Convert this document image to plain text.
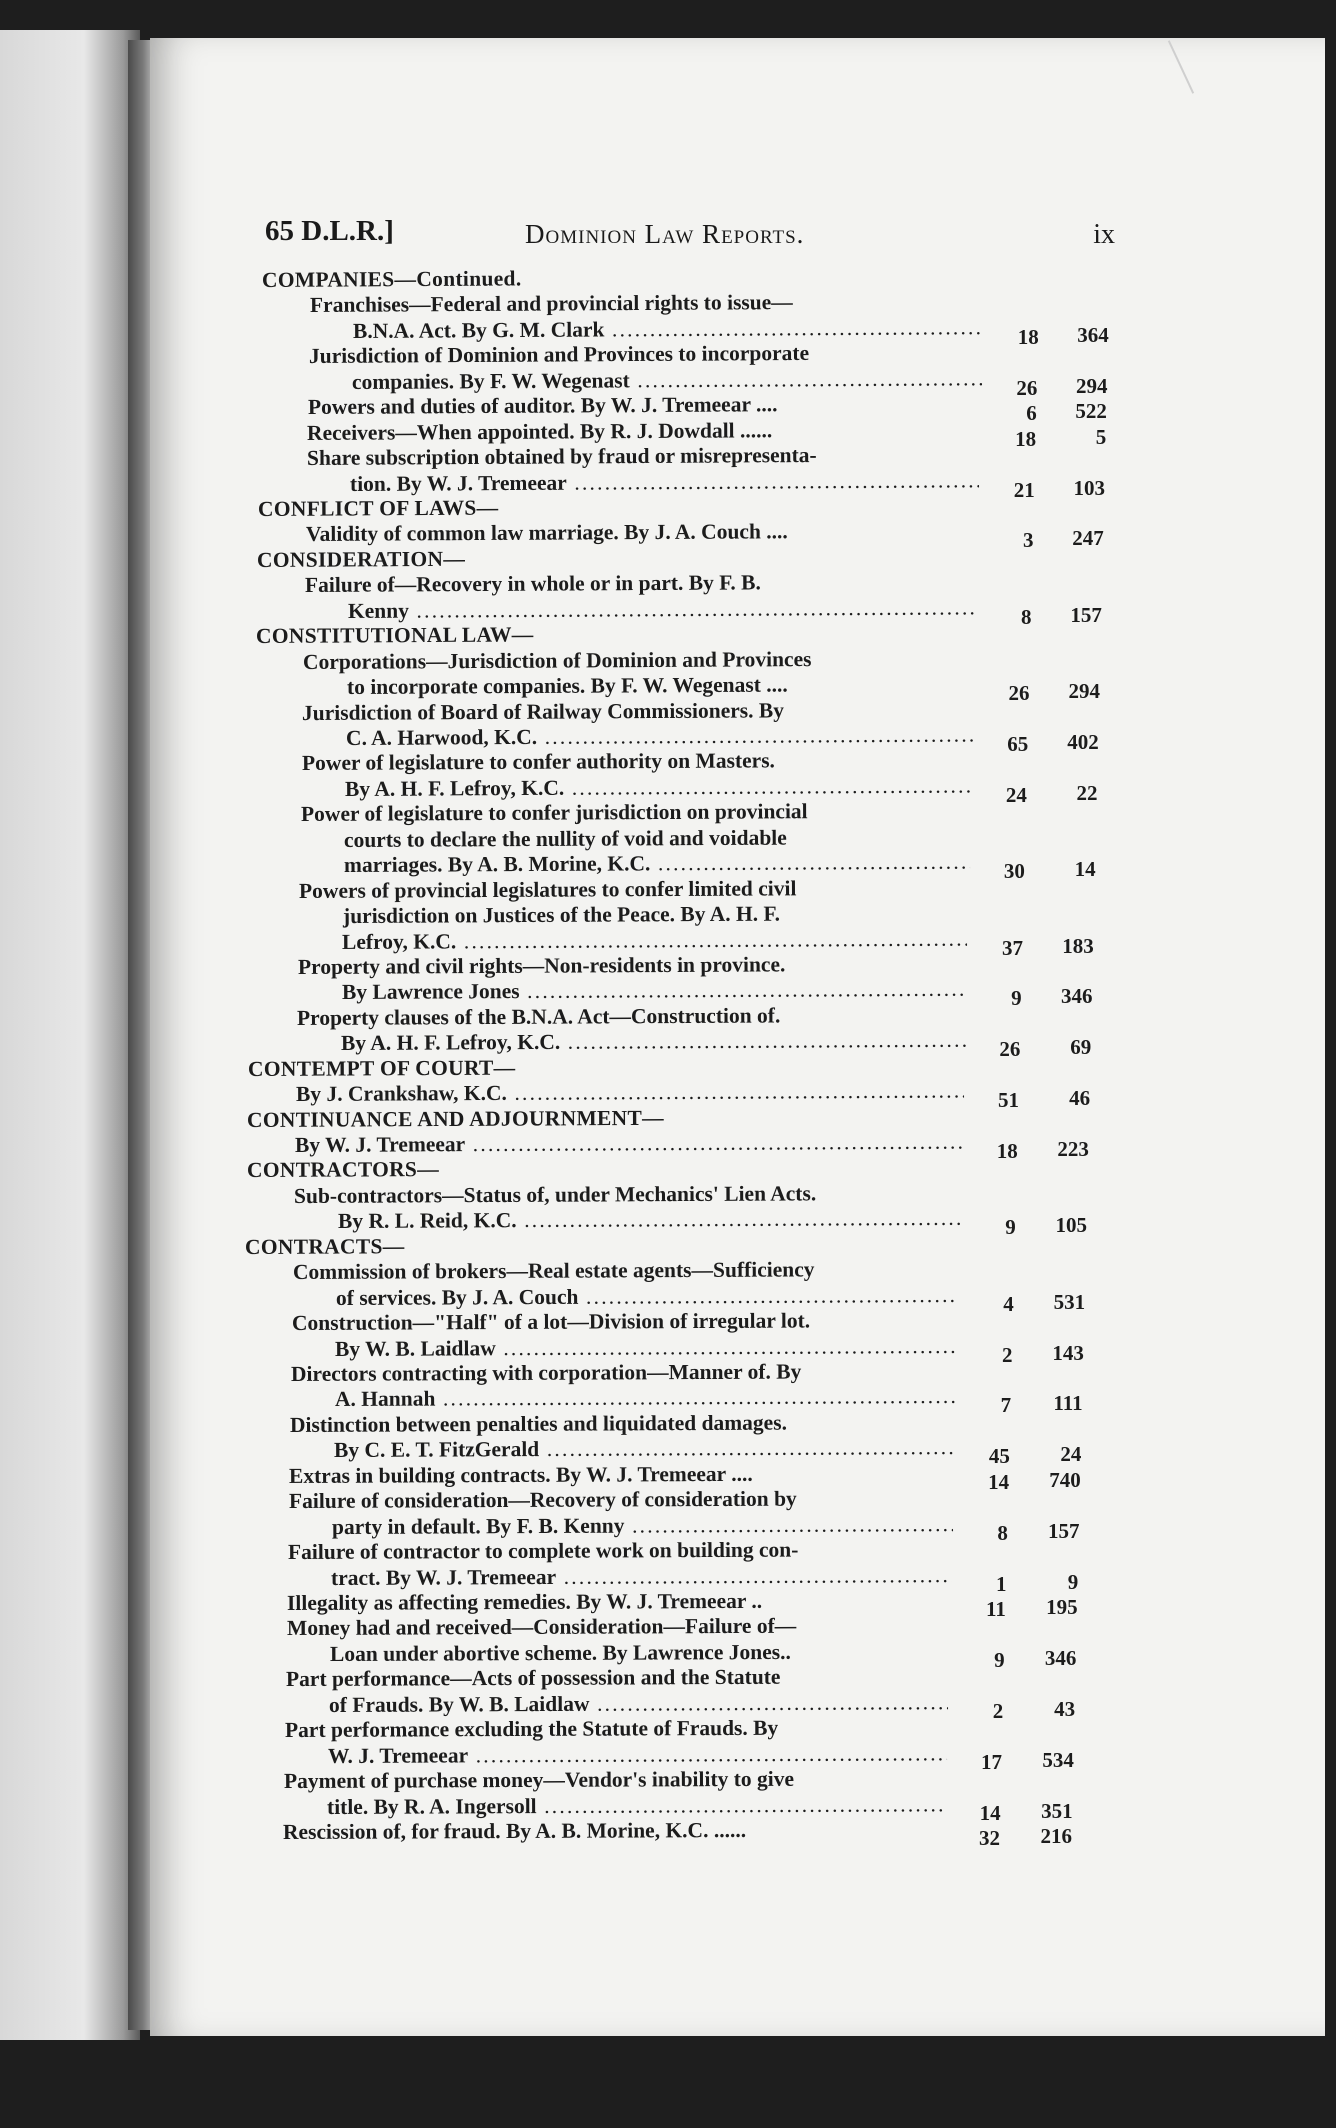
65 D.L.R.]	Dominion Law Reports.	ix
COMPANIES—Continued.
Franchises—Federal and provincial rights to issue—
B.N.A. Act. By G. M. Clark .....	18	364
Jurisdiction of Dominion and Provinces to incorporate
companies. By F. W. Wegenast .....	26	294
Powers and duties of auditor. By W. J. Tremeear ....	6	522
Receivers—When appointed. By R. J. Dowdall ......	18	5
Share subscription obtained by fraud or misrepresenta-
tion. By W. J. Tremeear .....	21	103
CONFLICT OF LAWS—
Validity of common law marriage. By J. A. Couch ....	3	247
CONSIDERATION—
Failure of—Recovery in whole or in part. By F. B.
Kenny .....	8	157
CONSTITUTIONAL LAW—
Corporations—Jurisdiction of Dominion and Provinces
to incorporate companies. By F. W. Wegenast ....	26	294
Jurisdiction of Board of Railway Commissioners. By
C. A. Harwood, K.C. .....	65	402
Power of legislature to confer authority on Masters.
By A. H. F. Lefroy, K.C. .....	24	22
Power of legislature to confer jurisdiction on provincial
courts to declare the nullity of void and voidable
marriages. By A. B. Morine, K.C. .....	30	14
Powers of provincial legislatures to confer limited civil
jurisdiction on Justices of the Peace. By A. H. F.
Lefroy, K.C. .....	37	183
Property and civil rights—Non-residents in province.
By Lawrence Jones .....	9	346
Property clauses of the B.N.A. Act—Construction of.
By A. H. F. Lefroy, K.C. .....	26	69
CONTEMPT OF COURT—
By J. Crankshaw, K.C. .....	51	46
CONTINUANCE AND ADJOURNMENT—
By W. J. Tremeear .....	18	223
CONTRACTORS—
Sub-contractors—Status of, under Mechanics' Lien Acts.
By R. L. Reid, K.C. .....	9	105
CONTRACTS—
Commission of brokers—Real estate agents—Sufficiency
of services. By J. A. Couch .....	4	531
Construction—"Half" of a lot—Division of irregular lot.
By W. B. Laidlaw .....	2	143
Directors contracting with corporation—Manner of. By
A. Hannah .....	7	111
Distinction between penalties and liquidated damages.
By C. E. T. FitzGerald .....	45	24
Extras in building contracts. By W. J. Tremeear ....	14	740
Failure of consideration—Recovery of consideration by
party in default. By F. B. Kenny .....	8	157
Failure of contractor to complete work on building con-
tract. By W. J. Tremeear .....	1	9
Illegality as affecting remedies. By W. J. Tremeear ..	11	195
Money had and received—Consideration—Failure of—
Loan under abortive scheme. By Lawrence Jones..	9	346
Part performance—Acts of possession and the Statute
of Frauds. By W. B. Laidlaw .....	2	43
Part performance excluding the Statute of Frauds. By
W. J. Tremeear .....	17	534
Payment of purchase money—Vendor's inability to give
title. By R. A. Ingersoll .....	14	351
Rescission of, for fraud. By A. B. Morine, K.C. ......	32	216
